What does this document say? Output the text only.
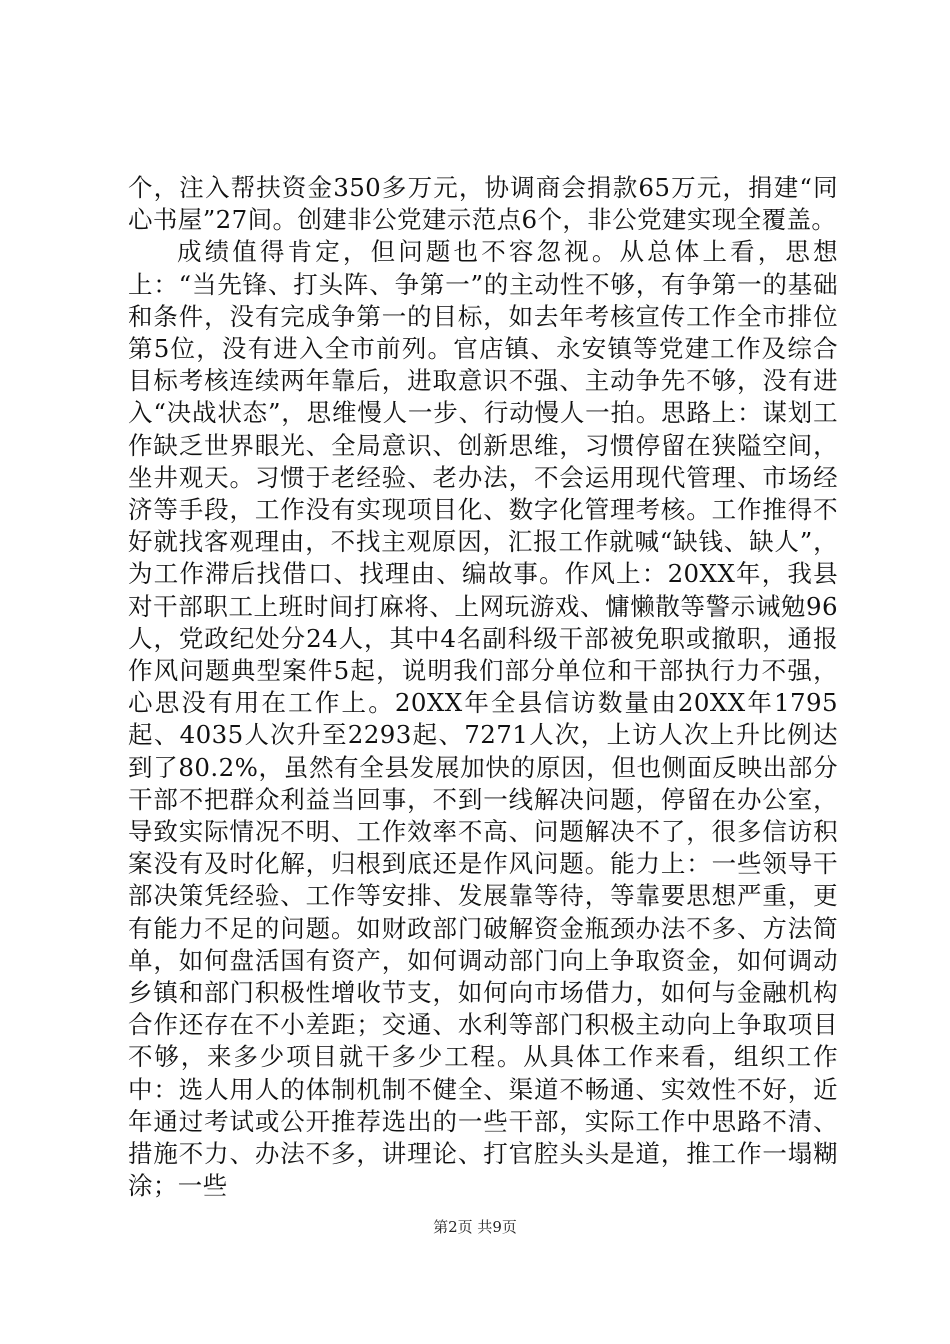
个，注入帮扶资金350多万元，协调商会捐款65万元，捐建“同心书屋”27间。创建非公党建示范点6个，非公党建实现全覆盖。

成绩值得肯定，但问题也不容忽视。从总体上看，思想上：“当先锋、打头阵、争第一”的主动性不够，有争第一的基础和条件，没有完成争第一的目标，如去年考核宣传工作全市排位第5位，没有进入全市前列。官店镇、永安镇等党建工作及综合目标考核连续两年靠后，进取意识不强、主动争先不够，没有进入“决战状态”，思维慢人一步、行动慢人一拍。思路上：谋划工作缺乏世界眼光、全局意识、创新思维，习惯停留在狭隘空间，坐井观天。习惯于老经验、老办法，不会运用现代管理、市场经济等手段，工作没有实现项目化、数字化管理考核。工作推得不好就找客观理由，不找主观原因，汇报工作就喊“缺钱、缺人”，为工作滞后找借口、找理由、编故事。作风上：20XX年，我县对干部职工上班时间打麻将、上网玩游戏、慵懒散等警示诫勉96人，党政纪处分24人，其中4名副科级干部被免职或撤职，通报作风问题典型案件5起，说明我们部分单位和干部执行力不强，心思没有用在工作上。20XX年全县信访数量由20XX年1795起、4035人次升至2293起、7271人次，上访人次上升比例达到了80.2%，虽然有全县发展加快的原因，但也侧面反映出部分干部不把群众利益当回事，不到一线解决问题，停留在办公室，导致实际情况不明、工作效率不高、问题解决不了，很多信访积案没有及时化解，归根到底还是作风问题。能力上：一些领导干部决策凭经验、工作等安排、发展靠等待，等靠要思想严重，更有能力不足的问题。如财政部门破解资金瓶颈办法不多、方法简单，如何盘活国有资产，如何调动部门向上争取资金，如何调动乡镇和部门积极性增收节支，如何向市场借力，如何与金融机构合作还存在不小差距；交通、水利等部门积极主动向上争取项目不够，来多少项目就干多少工程。从具体工作来看，组织工作中：选人用人的体制机制不健全、渠道不畅通、实效性不好，近年通过考试或公开推荐选出的一些干部，实际工作中思路不清、措施不力、办法不多，讲理论、打官腔头头是道，推工作一塌糊涂；一些

第2页 共9页
